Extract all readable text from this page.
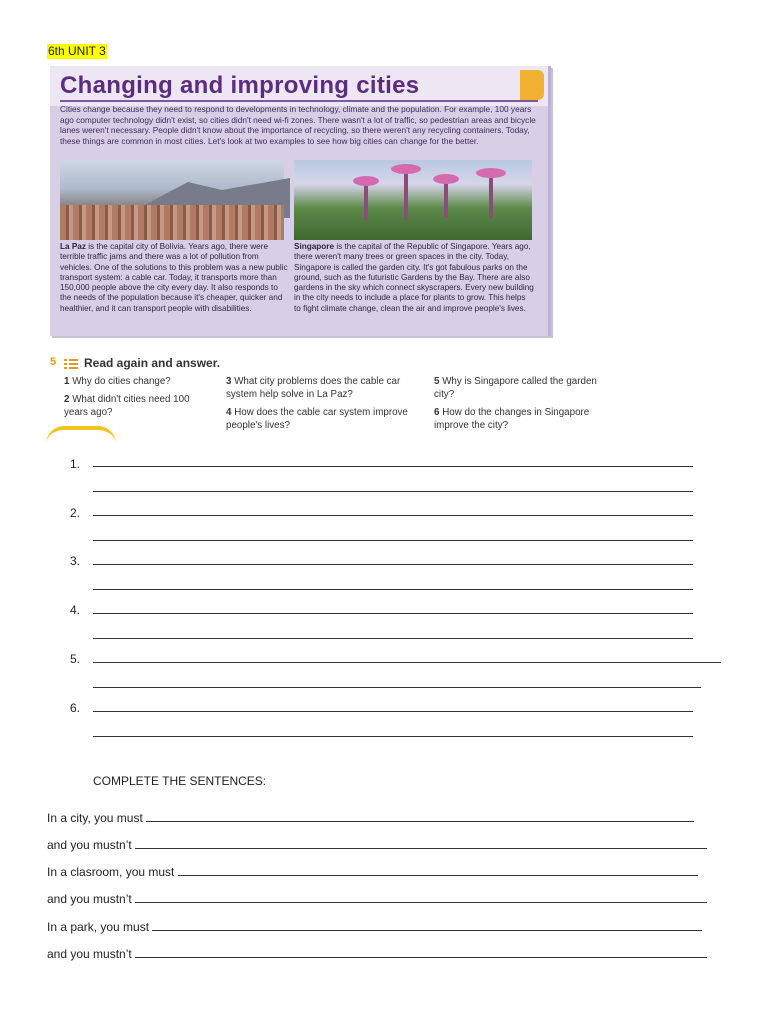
6th UNIT 3
Changing and improving cities
Cities change because they need to respond to developments in technology, climate and the population. For example, 100 years ago computer technology didn't exist, so cities didn't need wi-fi zones. There wasn't a lot of traffic, so pedestrian areas and bicycle lanes weren't necessary. People didn't know about the importance of recycling, so there weren't any recycling containers. Today, these things are common in most cities. Let's look at two examples to see how big cities can change for the better.
La Paz is the capital city of Bolivia. Years ago, there were terrible traffic jams and there was a lot of pollution from vehicles. One of the solutions to this problem was a new public transport system: a cable car. Today, it transports more than 150,000 people above the city every day. It also responds to the needs of the population because it's cheaper, quicker and healthier, and it can transport people with disabilities.
Singapore is the capital of the Republic of Singapore. Years ago, there weren't many trees or green spaces in the city. Today, Singapore is called the garden city. It's got fabulous parks on the ground, such as the futuristic Gardens by the Bay. There are also gardens in the sky which connect skyscrapers. Every new building in the city needs to include a place for plants to grow. This helps to fight climate change, clean the air and improve people's lives.
5 Read again and answer.
1 Why do cities change?
2 What didn't cities need 100 years ago?
3 What city problems does the cable car system help solve in La Paz?
4 How does the cable car system improve people's lives?
5 Why is Singapore called the garden city?
6 How do the changes in Singapore improve the city?
1.
2.
3.
4.
5.
6.
COMPLETE THE SENTENCES:
In a city, you must
and you mustn’t
In a clasroom, you must
and you mustn’t
In a park, you must
and you mustn’t
